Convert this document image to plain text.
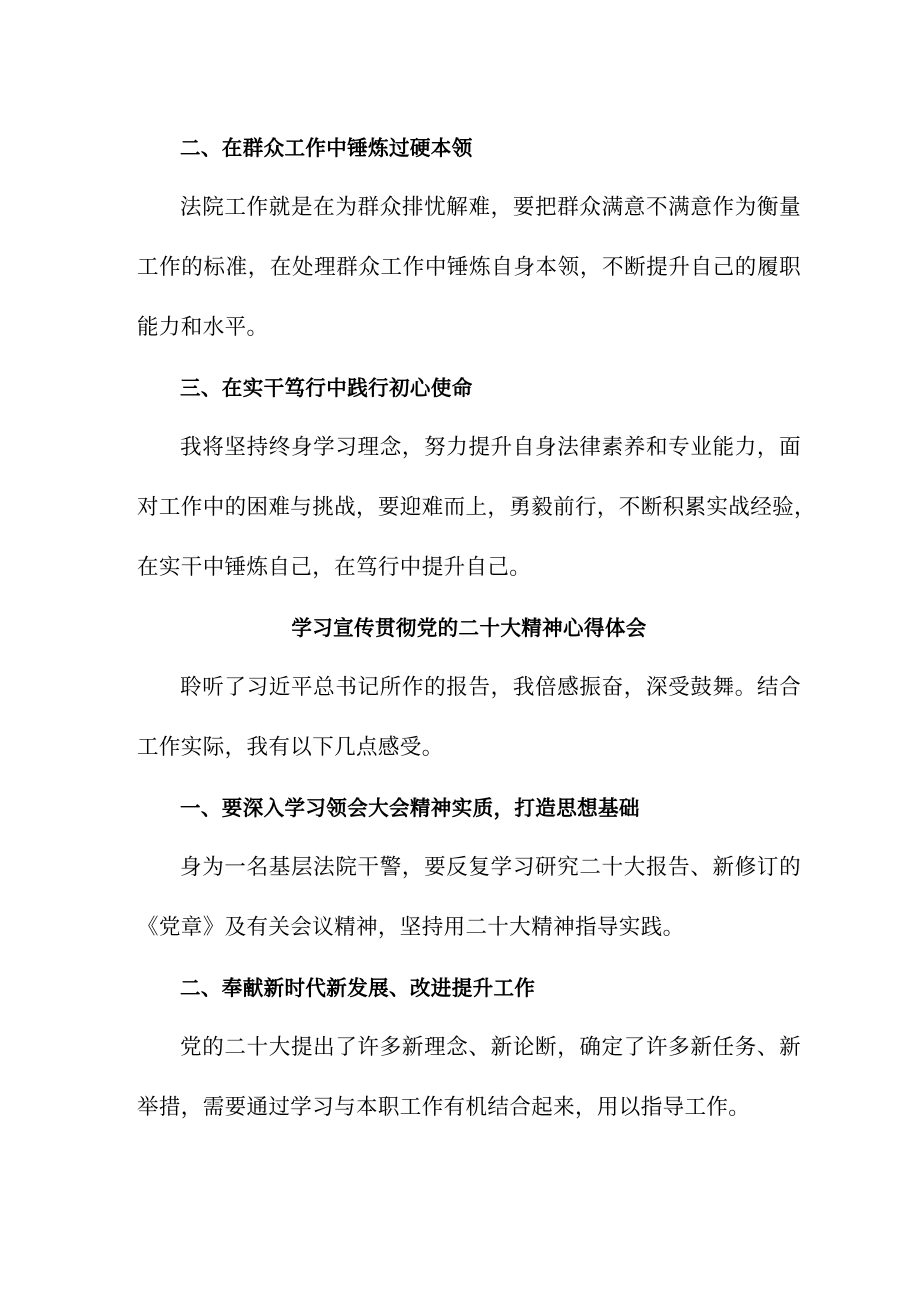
二、在群众工作中锤炼过硬本领
法院工作就是在为群众排忧解难，要把群众满意不满意作为衡量
工作的标准，在处理群众工作中锤炼自身本领，不断提升自己的履职
能力和水平。
三、在实干笃行中践行初心使命
我将坚持终身学习理念，努力提升自身法律素养和专业能力，面
对工作中的困难与挑战，要迎难而上，勇毅前行，不断积累实战经验，
在实干中锤炼自己，在笃行中提升自己。
学习宣传贯彻党的二十大精神心得体会
聆听了习近平总书记所作的报告，我倍感振奋，深受鼓舞。结合
工作实际，我有以下几点感受。
一、要深入学习领会大会精神实质，打造思想基础
身为一名基层法院干警，要反复学习研究二十大报告、新修订的
《党章》及有关会议精神，坚持用二十大精神指导实践。
二、奉献新时代新发展、改进提升工作
党的二十大提出了许多新理念、新论断，确定了许多新任务、新
举措，需要通过学习与本职工作有机结合起来，用以指导工作。
